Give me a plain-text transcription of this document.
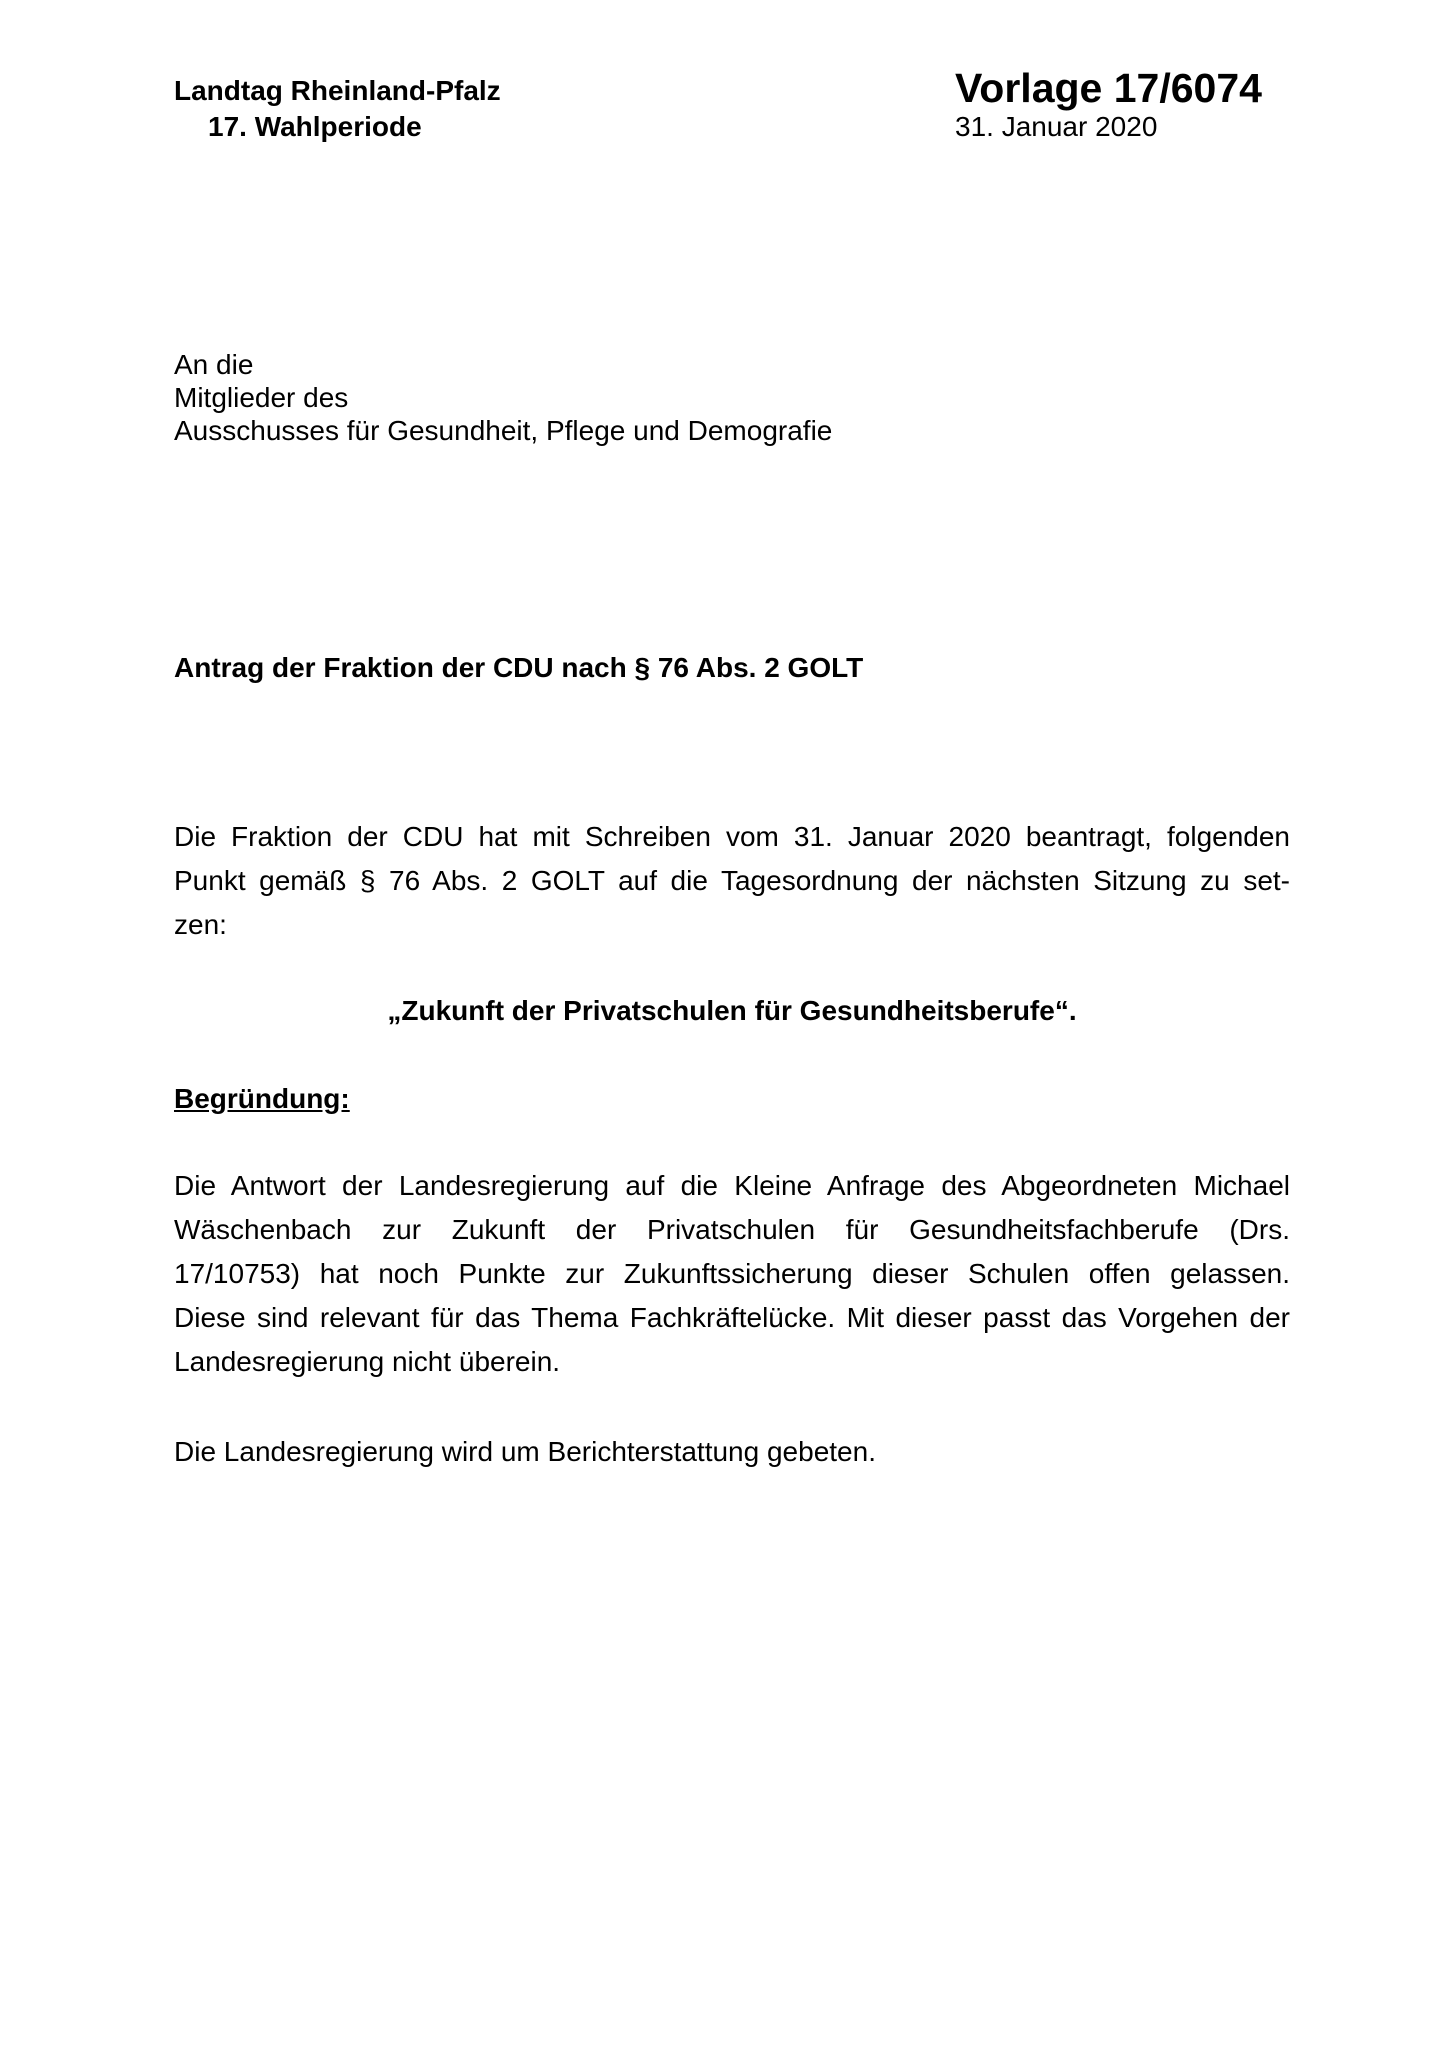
Landtag Rheinland-Pfalz

17. Wahlperiode

Vorlage 17/6074

31. Januar 2020

An die
Mitglieder des
Ausschusses für Gesundheit, Pflege und Demografie

Antrag der Fraktion der CDU nach § 76 Abs. 2 GOLT

Die Fraktion der CDU hat mit Schreiben vom 31. Januar 2020 beantragt, folgenden
Punkt gemäß § 76 Abs. 2 GOLT auf die Tagesordnung der nächsten Sitzung zu set-
zen:

„Zukunft der Privatschulen für Gesundheitsberufe“.

Begründung:

Die Antwort der Landesregierung auf die Kleine Anfrage des Abgeordneten Michael
Wäschenbach zur Zukunft der Privatschulen für Gesundheitsfachberufe (Drs.
17/10753) hat noch Punkte zur Zukunftssicherung dieser Schulen offen gelassen.
Diese sind relevant für das Thema Fachkräftelücke. Mit dieser passt das Vorgehen der
Landesregierung nicht überein.
Die Landesregierung wird um Berichterstattung gebeten.
